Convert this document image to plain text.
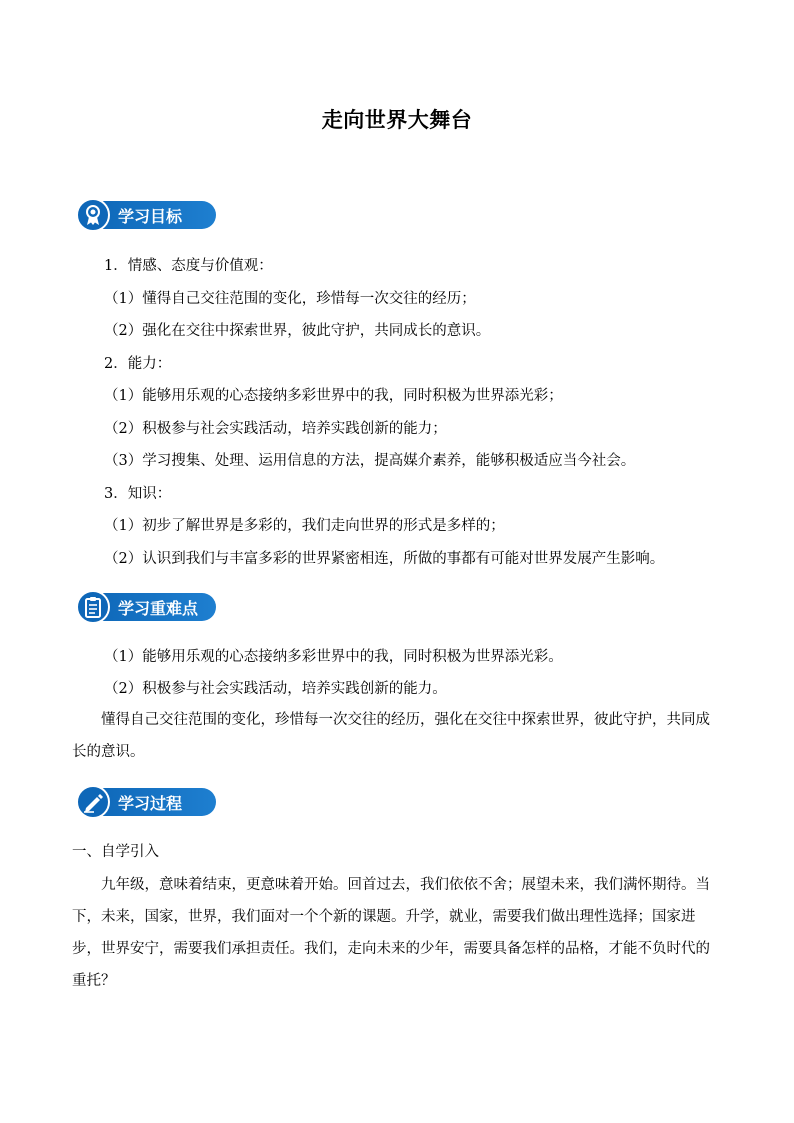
走向世界大舞台
学习目标
1．情感、态度与价值观：
（1）懂得自己交往范围的变化，珍惜每一次交往的经历；
（2）强化在交往中探索世界，彼此守护，共同成长的意识。
2．能力：
（1）能够用乐观的心态接纳多彩世界中的我，同时积极为世界添光彩；
（2）积极参与社会实践活动，培养实践创新的能力；
（3）学习搜集、处理、运用信息的方法，提高媒介素养，能够积极适应当今社会。
3．知识：
（1）初步了解世界是多彩的，我们走向世界的形式是多样的；
（2）认识到我们与丰富多彩的世界紧密相连，所做的事都有可能对世界发展产生影响。
学习重难点
（1）能够用乐观的心态接纳多彩世界中的我，同时积极为世界添光彩。
（2）积极参与社会实践活动，培养实践创新的能力。
懂得自己交往范围的变化，珍惜每一次交往的经历，强化在交往中探索世界，彼此守护，共同成长的意识。
学习过程
一、自学引入
九年级，意味着结束，更意味着开始。回首过去，我们依依不舍；展望未来，我们满怀期待。当下，未来，国家，世界，我们面对一个个新的课题。升学，就业，需要我们做出理性选择；国家进步，世界安宁，需要我们承担责任。我们，走向未来的少年，需要具备怎样的品格，才能不负时代的重托？
